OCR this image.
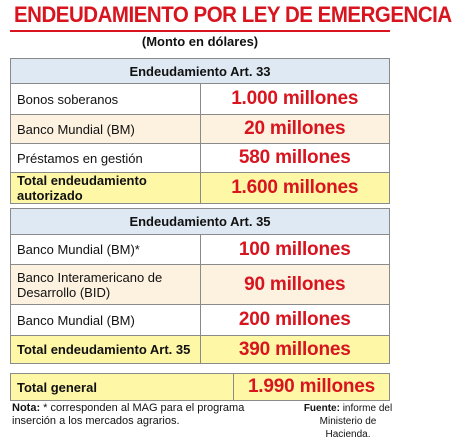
ENDEUDAMIENTO POR LEY DE EMERGENCIA
(Monto en dólares)
Endeudamiento Art. 33	
Bonos soberanos	1.000 millones
Banco Mundial (BM)	20 millones
Préstamos en gestión	580 millones
Total endeudamiento autorizado	1.600 millones
Endeudamiento Art. 35	
Banco Mundial (BM)*	100 millones
Banco Interamericano de Desarrollo (BID)	90 millones
Banco Mundial (BM)	200 millones
Total endeudamiento Art. 35	390 millones
Total general	1.990 millones
Nota: * corresponden al MAG para el programa inserción a los mercados agrarios.
Fuente: informe del Ministerio de Hacienda.
